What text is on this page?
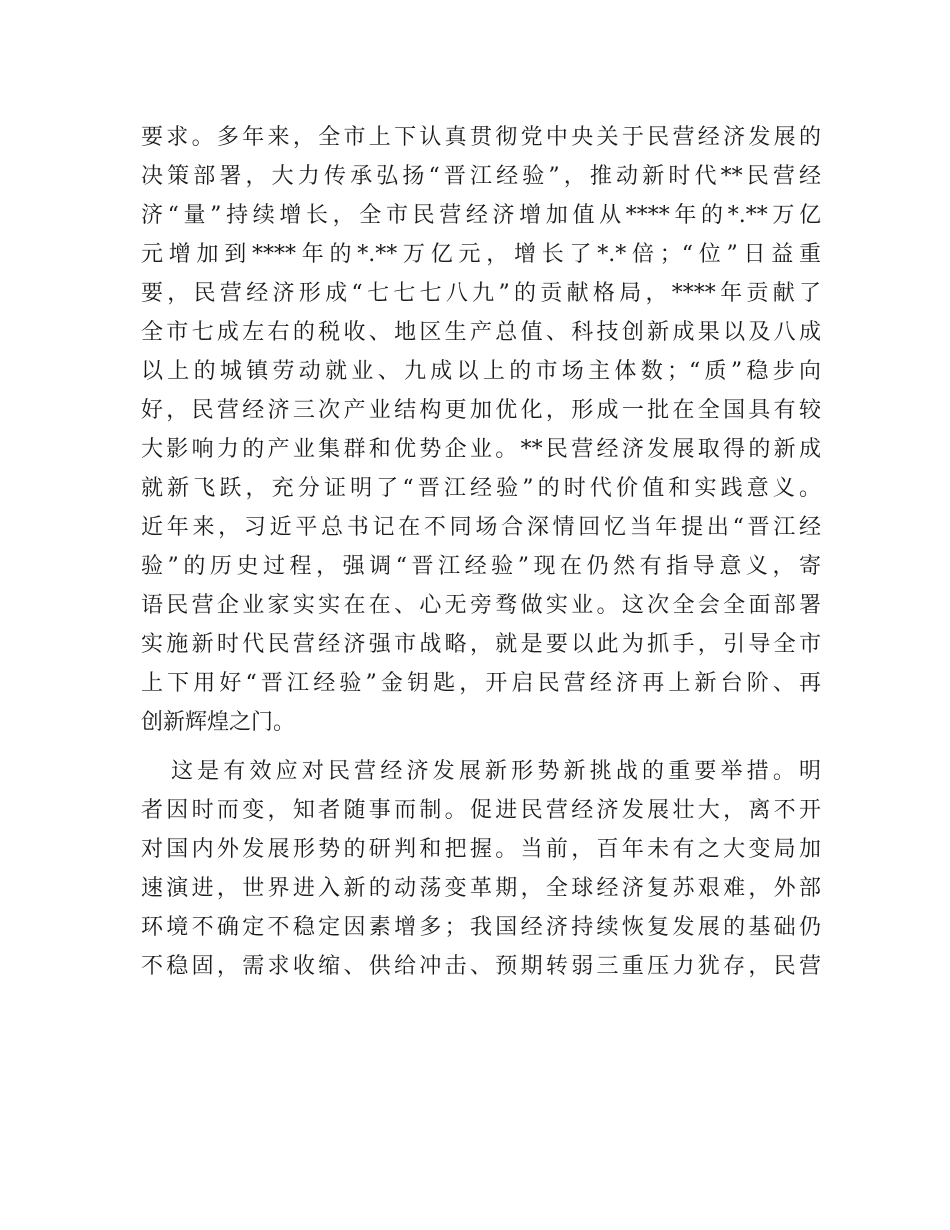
要求。多年来，全市上下认真贯彻党中央关于民营经济发展的
决策部署，大力传承弘扬“晋江经验”，推动新时代**民营经
济“量”持续增长，全市民营经济增加值从****年的*.**万亿
元增加到****年的*.**万亿元，增长了*.*倍；“位”日益重
要，民营经济形成“七七七八九”的贡献格局，****年贡献了
全市七成左右的税收、地区生产总值、科技创新成果以及八成
以上的城镇劳动就业、九成以上的市场主体数；“质”稳步向
好，民营经济三次产业结构更加优化，形成一批在全国具有较
大影响力的产业集群和优势企业。**民营经济发展取得的新成
就新飞跃，充分证明了“晋江经验”的时代价值和实践意义。
近年来，习近平总书记在不同场合深情回忆当年提出“晋江经
验”的历史过程，强调“晋江经验”现在仍然有指导意义，寄
语民营企业家实实在在、心无旁骛做实业。这次全会全面部署
实施新时代民营经济强市战略，就是要以此为抓手，引导全市
上下用好“晋江经验”金钥匙，开启民营经济再上新台阶、再
创新辉煌之门。
这是有效应对民营经济发展新形势新挑战的重要举措。明
者因时而变，知者随事而制。促进民营经济发展壮大，离不开
对国内外发展形势的研判和把握。当前，百年未有之大变局加
速演进，世界进入新的动荡变革期，全球经济复苏艰难，外部
环境不确定不稳定因素增多；我国经济持续恢复发展的基础仍
不稳固，需求收缩、供给冲击、预期转弱三重压力犹存，民营
